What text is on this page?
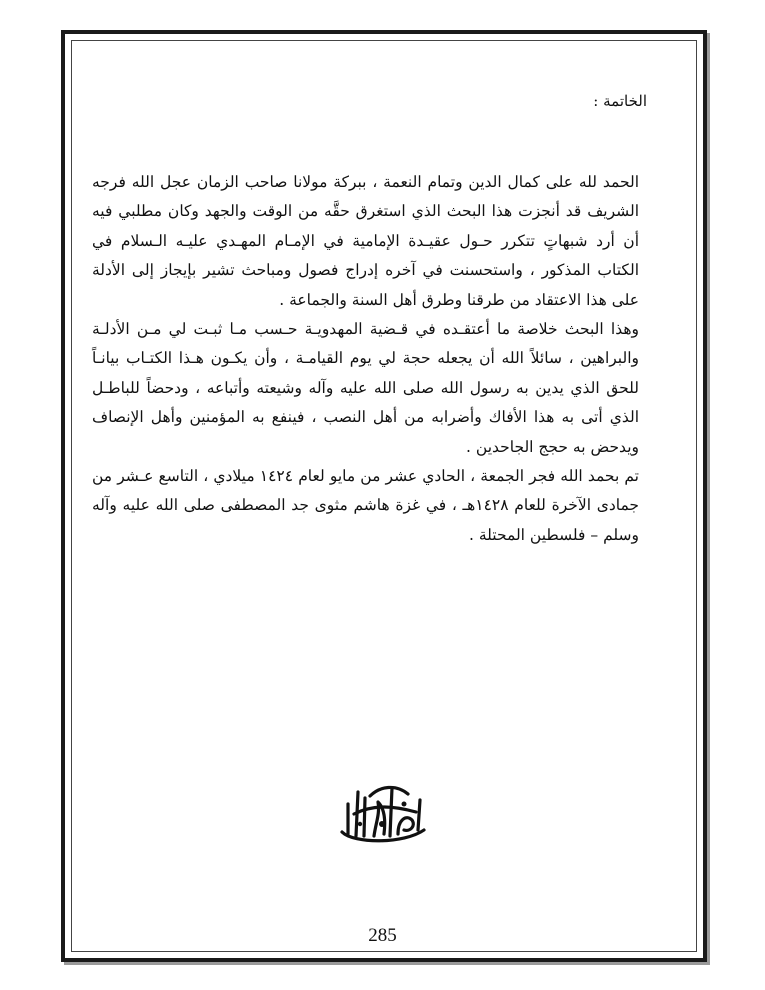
الخاتمة :

الحمد لله على كمال الدين وتمام النعمة ، ببركة مولانا صاحب الزمان عجل الله فرجه الشريف قد أنجزت هذا البحث الذي استغرق حقَّه من الوقت والجهد وكان مطلبي فيه أن أرد شبهاتٍ تتكرر حـول عقيـدة الإمامية في الإمـام المهـدي عليـه الـسلام في الكتاب المذكور ، واستحسنت في آخره إدراج فصول ومباحث تشير بإيجاز إلى الأدلة على هذا الاعتقاد من طرقنا وطرق أهل السنة والجماعة .

وهذا البحث خلاصة ما أعتقـده في قـضية المهدويـة حـسب مـا ثبـت لي مـن الأدلـة والبراهين ، سائلاً الله أن يجعله حجة لي يوم القيامـة ، وأن يكـون هـذا الكتـاب بيانـاً للحق الذي يدين به رسول الله صلى الله عليه وآله وشيعته وأتباعه ، ودحضاً للباطـل الذي أتى به هذا الأفاك وأضرابه من أهل النصب ، فينفع به المؤمنين وأهل الإنصاف ويدحض به حجج الجاحدين .

تم بحمد الله فجر الجمعة ، الحادي عشر من مايو لعام ١٤٢٤ ميلادي ، التاسع عـشر من جمادى الآخرة للعام ١٤٢٨هـ ، في غزة هاشم مثوى جد المصطفى صلى الله عليه وآله وسلم – فلسطين المحتلة .

285
